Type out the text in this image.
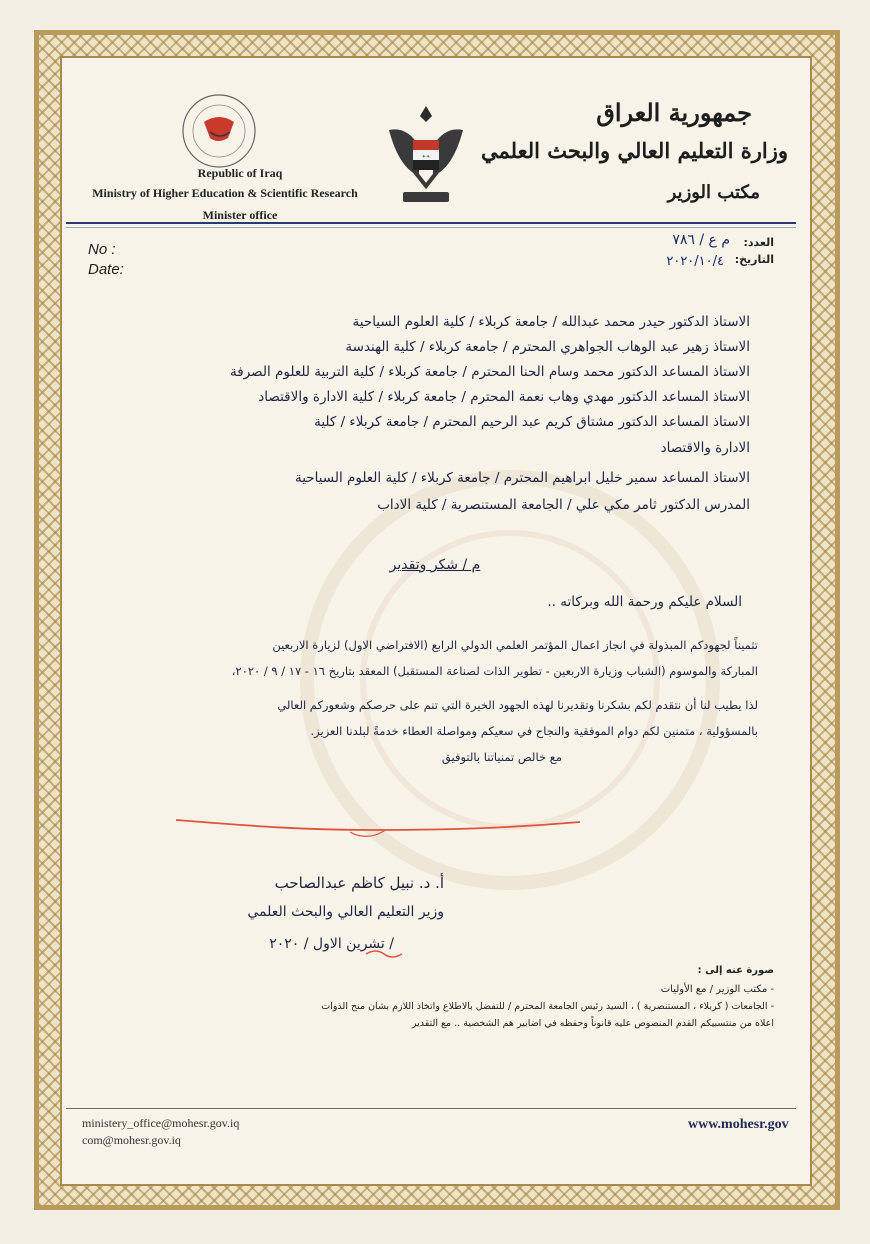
Republic of Iraq
Ministry of Higher Education & Scientific Research
Minister office
✦✦
جمهورية العراق
وزارة التعليم العالي والبحث العلمي
مكتب الوزير
No :
Date:
العدد:
التاريخ:
م ع / ٧٨٦
٢٠٢٠/١٠/٤
الاستاذ الدكتور حيدر محمد عبدالله / جامعة كربلاء / كلية العلوم السياحية
الاستاذ زهير عبد الوهاب الجواهري المحترم / جامعة كربلاء / كلية الهندسة
الاستاذ المساعد الدكتور محمد وسام الحنا المحترم / جامعة كربلاء / كلية التربية للعلوم الصرفة
الاستاذ المساعد الدكتور مهدي وهاب نعمة المحترم / جامعة كربلاء / كلية الادارة والاقتصاد
الاستاذ المساعد الدكتور مشتاق كريم عبد الرحيم المحترم / جامعة كربلاء / كلية
الادارة والاقتصاد
الاستاذ المساعد سمير خليل ابراهيم المحترم / جامعة كربلاء / كلية العلوم السياحية
المدرس الدكتور ثامر مكي علي / الجامعة المستنصرية / كلية الاداب
م / شكر وتقدير
السلام عليكم ورحمة الله وبركاته ..
تثميناً لجهودكم المبذولة في انجاز اعمال المؤتمر العلمي الدولي الرابع (الافتراضي الاول) لزيارة الاربعين
المباركة والموسوم (الشباب وزيارة الاربعين - تطوير الذات لصناعة المستقبل) المعقد بتاريخ ١٦ - ١٧ / ٩ / ٢٠٢٠،
لذا يطيب لنا أن نتقدم لكم بشكرنا وتقديرنا لهذه الجهود الخيرة التي تنم على حرصكم وشعوركم العالي
بالمسؤولية ، متمنين لكم دوام الموفقية والنجاح في سعيكم ومواصلة العطاء خدمةً لبلدنا العزيز.
مع خالص تمنياتنا بالتوفيق
أ. د. نبيل كاظم عبدالصاحب
وزير التعليم العالي والبحث العلمي
/ تشرين الاول / ٢٠٢٠
صورة عنه إلى :
- مكتب الوزير / مع الأوليات
- الجامعات ( كربلاء ، المستنصرية ) ، السيد رئيس الجامعة المحترم / للتفضل بالاطلاع واتخاذ اللازم بشان منح الذوات
اعلاه من منتسبيكم القدم المنصوص عليه قانوناً وحفظه في اضابير هم الشخصية .. مع التقدير
ministery_office@mohesr.gov.iq
com@mohesr.gov.iq
www.mohesr.gov
